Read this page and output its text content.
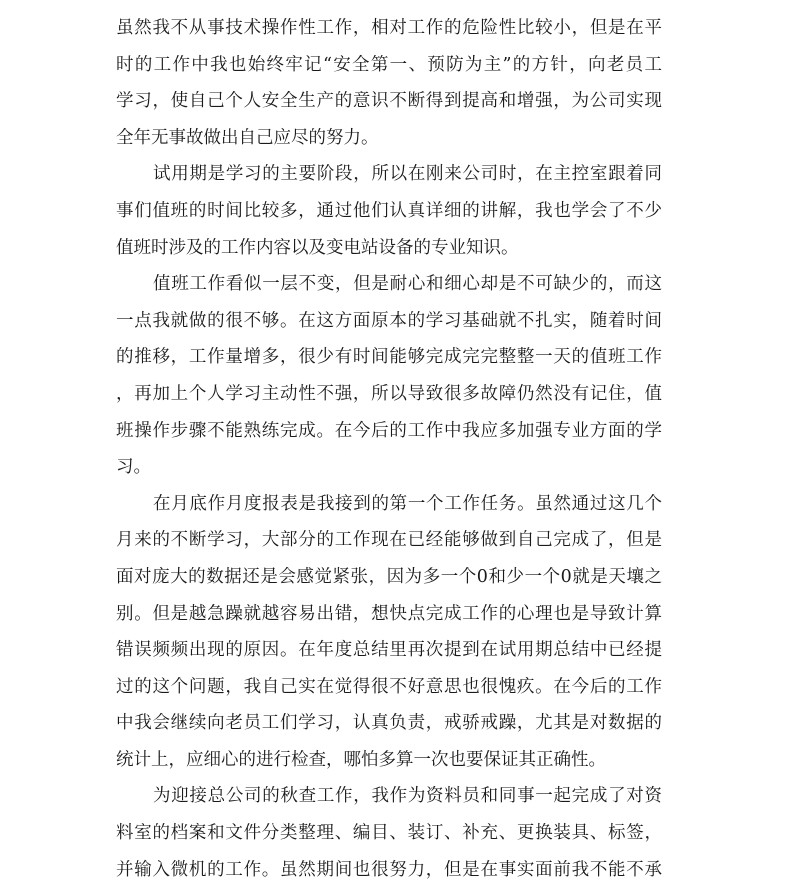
虽然我不从事技术操作性工作，相对工作的危险性比较小，但是在平
时的工作中我也始终牢记“安全第一、预防为主”的方针，向老员工
学习，使自己个人安全生产的意识不断得到提高和增强，为公司实现
全年无事故做出自己应尽的努力。
试用期是学习的主要阶段，所以在刚来公司时，在主控室跟着同
事们值班的时间比较多，通过他们认真详细的讲解，我也学会了不少
值班时涉及的工作内容以及变电站设备的专业知识。
值班工作看似一层不变，但是耐心和细心却是不可缺少的，而这
一点我就做的很不够。在这方面原本的学习基础就不扎实，随着时间
的推移，工作量增多，很少有时间能够完成完完整整一天的值班工作
，再加上个人学习主动性不强，所以导致很多故障仍然没有记住，值
班操作步骤不能熟练完成。在今后的工作中我应多加强专业方面的学
习。
在月底作月度报表是我接到的第一个工作任务。虽然通过这几个
月来的不断学习，大部分的工作现在已经能够做到自己完成了，但是
面对庞大的数据还是会感觉紧张，因为多一个0和少一个0就是天壤之
别。但是越急躁就越容易出错，想快点完成工作的心理也是导致计算
错误频频出现的原因。在年度总结里再次提到在试用期总结中已经提
过的这个问题，我自己实在觉得很不好意思也很愧疚。在今后的工作
中我会继续向老员工们学习，认真负责，戒骄戒躁，尤其是对数据的
统计上，应细心的进行检查，哪怕多算一次也要保证其正确性。
为迎接总公司的秋查工作，我作为资料员和同事一起完成了对资
料室的档案和文件分类整理、编目、装订、补充、更换装具、标签，
并输入微机的工作。虽然期间也很努力，但是在事实面前我不能不承
